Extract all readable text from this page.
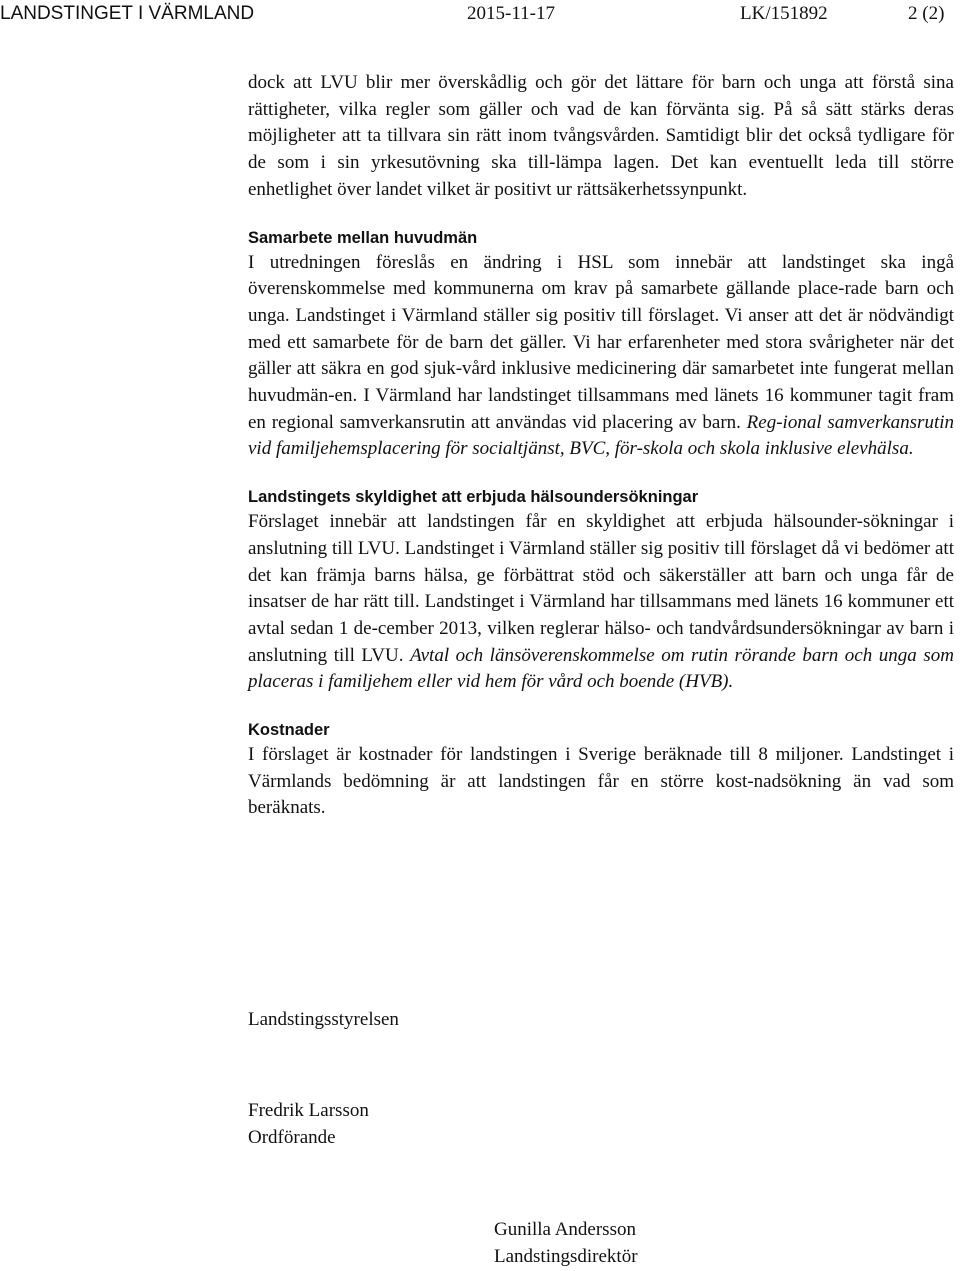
LANDSTINGET I VÄRMLAND	2015-11-17	LK/151892	2 (2)

dock att LVU blir mer överskådlig och gör det lättare för barn och unga att förstå sina rättigheter, vilka regler som gäller och vad de kan förvänta sig. På så sätt stärks deras möjligheter att ta tillvara sin rätt inom tvångsvården. Samtidigt blir det också tydligare för de som i sin yrkesutövning ska till-lämpa lagen. Det kan eventuellt leda till större enhetlighet över landet vilket är positivt ur rättsäkerhetssynpunkt.

Samarbete mellan huvudmän

I utredningen föreslås en ändring i HSL som innebär att landstinget ska ingå överenskommelse med kommunerna om krav på samarbete gällande place-rade barn och unga. Landstinget i Värmland ställer sig positiv till förslaget. Vi anser att det är nödvändigt med ett samarbete för de barn det gäller. Vi har erfarenheter med stora svårigheter när det gäller att säkra en god sjuk-vård inklusive medicinering där samarbetet inte fungerat mellan huvudmän-en. I Värmland har landstinget tillsammans med länets 16 kommuner tagit fram en regional samverkansrutin att användas vid placering av barn. Reg-ional samverkansrutin vid familjehemsplacering för socialtjänst, BVC, för-skola och skola inklusive elevhälsa.

Landstingets skyldighet att erbjuda hälsoundersökningar

Förslaget innebär att landstingen får en skyldighet att erbjuda hälsounder-sökningar i anslutning till LVU. Landstinget i Värmland ställer sig positiv till förslaget då vi bedömer att det kan främja barns hälsa, ge förbättrat stöd och säkerställer att barn och unga får de insatser de har rätt till. Landstinget i Värmland har tillsammans med länets 16 kommuner ett avtal sedan 1 de-cember 2013, vilken reglerar hälso- och tandvårdsundersökningar av barn i anslutning till LVU. Avtal och länsöverenskommelse om rutin rörande barn och unga som placeras i familjehem eller vid hem för vård och boende (HVB).

Kostnader

I förslaget är kostnader för landstingen i Sverige beräknade till 8 miljoner. Landstinget i Värmlands bedömning är att landstingen får en större kost-nadsökning än vad som beräknats.

Landstingsstyrelsen
Fredrik Larsson
Ordförande
Gunilla Andersson
Landstingsdirektör
